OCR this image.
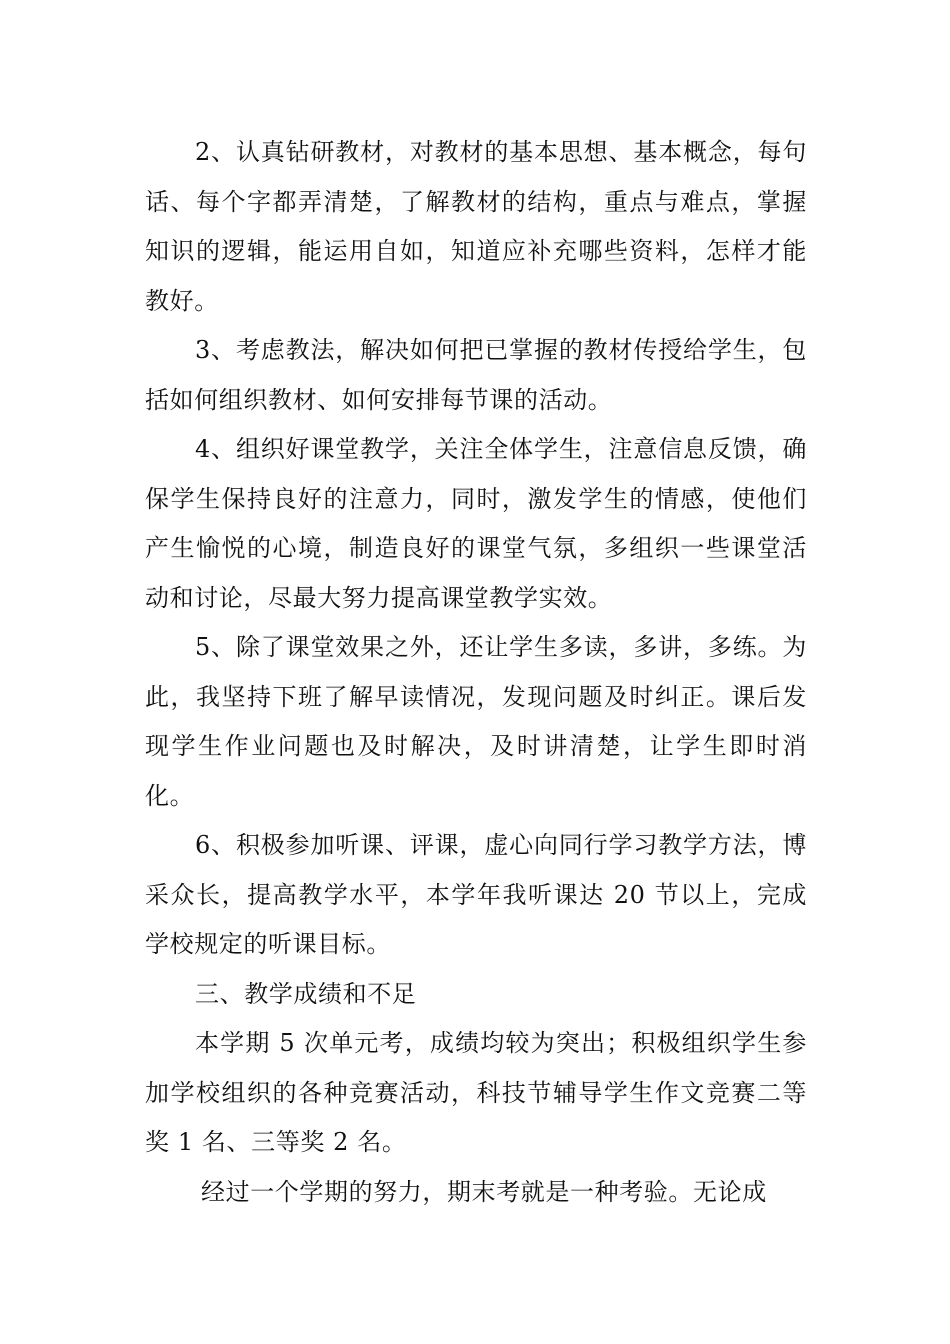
2、认真钻研教材，对教材的基本思想、基本概念，每句话、每个字都弄清楚，了解教材的结构，重点与难点，掌握知识的逻辑，能运用自如，知道应补充哪些资料，怎样才能教好。

3、考虑教法，解决如何把已掌握的教材传授给学生，包括如何组织教材、如何安排每节课的活动。

4、组织好课堂教学，关注全体学生，注意信息反馈，确保学生保持良好的注意力，同时，激发学生的情感，使他们产生愉悦的心境，制造良好的课堂气氛，多组织一些课堂活动和讨论，尽最大努力提高课堂教学实效。

5、除了课堂效果之外，还让学生多读，多讲，多练。为此，我坚持下班了解早读情况，发现问题及时纠正。课后发现学生作业问题也及时解决，及时讲清楚，让学生即时消化。

6、积极参加听课、评课，虚心向同行学习教学方法，博采众长，提高教学水平，本学年我听课达 20 节以上，完成学校规定的听课目标。

三、教学成绩和不足

本学期 5 次单元考，成绩均较为突出；积极组织学生参加学校组织的各种竞赛活动，科技节辅导学生作文竞赛二等奖 1 名、三等奖 2 名。

经过一个学期的努力，期末考就是一种考验。无论成
